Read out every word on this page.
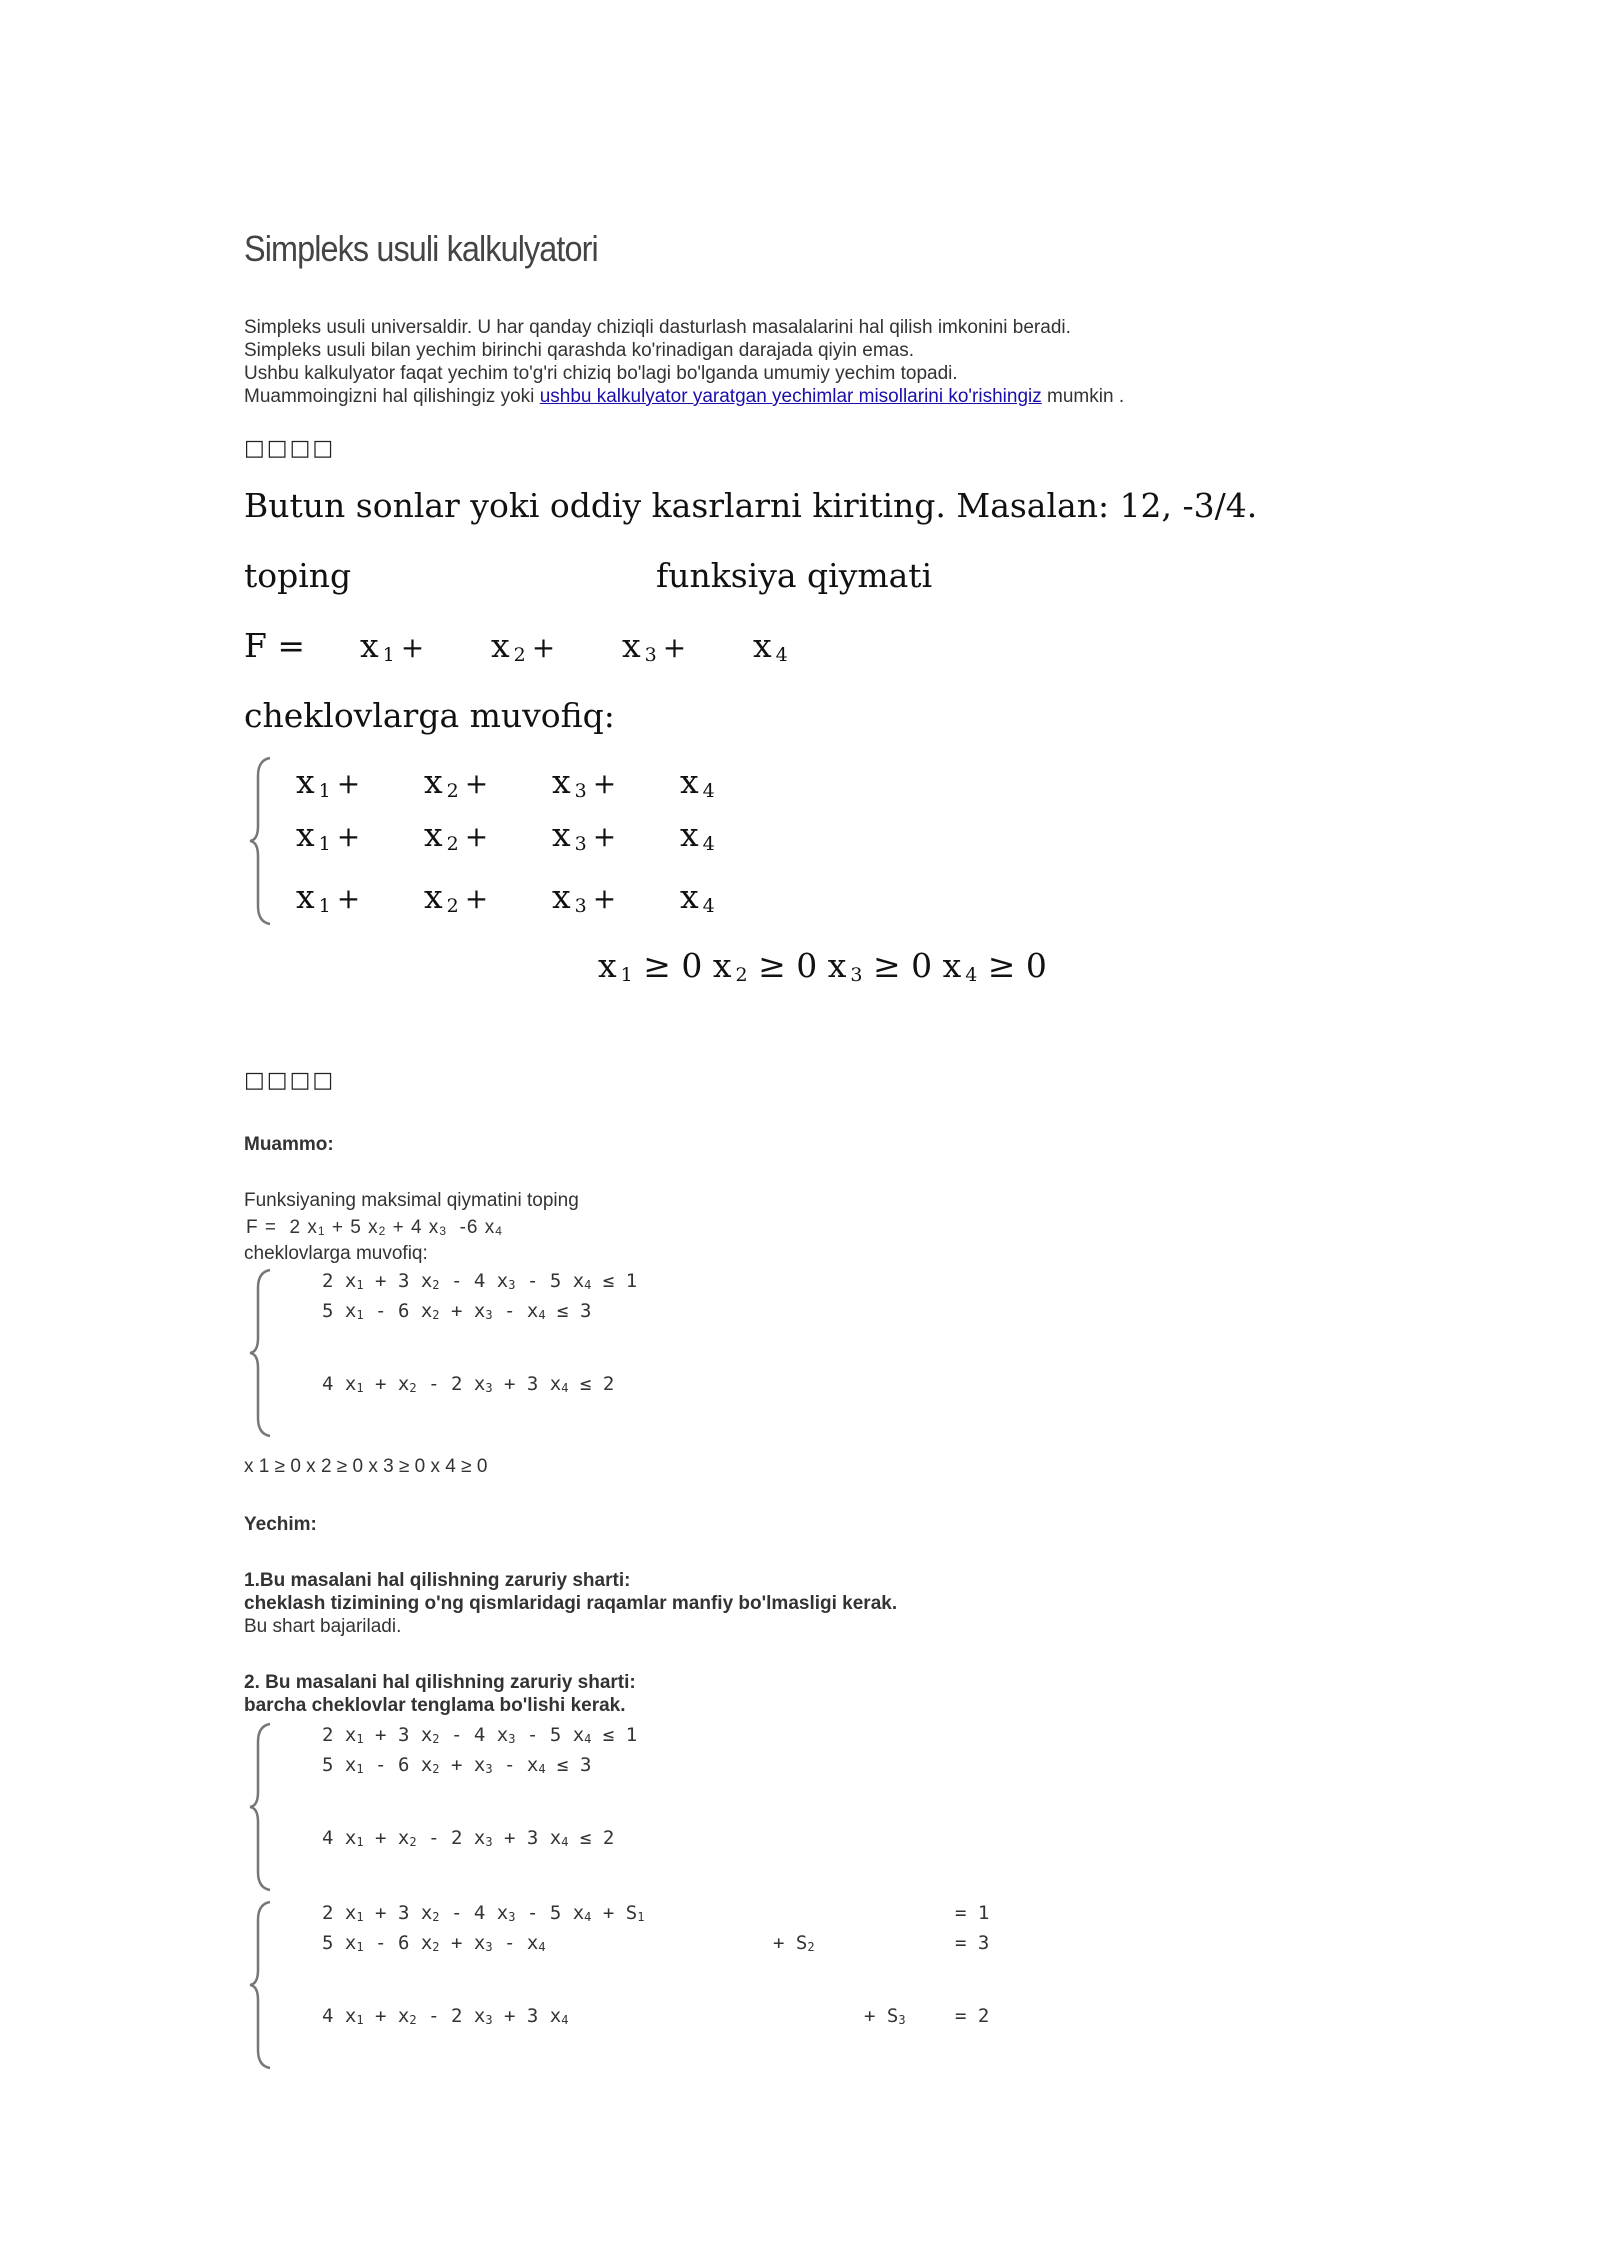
Simpleks usuli kalkulyatori
Simpleks usuli universaldir. U har qanday chiziqli dasturlash masalalarini hal qilish imkonini beradi.
Simpleks usuli bilan yechim birinchi qarashda ko'rinadigan darajada qiyin emas.
Ushbu kalkulyator faqat yechim to'g'ri chiziq bo'lagi bo'lganda umumiy yechim topadi.
Muammoingizni hal qilishingiz yoki ushbu kalkulyator yaratgan yechimlar misollarini ko'rishingiz mumkin .
□□□□
Butun sonlar yoki oddiy kasrlarni kiriting. Masalan: 12, -3/4.
toping	funksiya qiymati
F = x 1 + x 2 + x 3 + x 4
cheklovlarga muvofiq:
x 1 + x 2 + x 3 + x 4
x 1 + x 2 + x 3 + x 4
x 1 + x 2 + x 3 + x 4
x $_1$ ≥ 0 x $_2$ ≥ 0 x $_3$ ≥ 0 x $_4$ ≥ 0
□□□□
Muammo:
Funksiyaning maksimal qiymatini toping
F =  2 x1 + 5 x2 + 4 x3 -6 x4
cheklovlarga muvofiq:
2 x1 + 3 x2 - 4 x3 - 5 x4 ≤ 1
5 x1 - 6 x2 + x3 - x4 ≤ 3
4 x1 + x2 - 2 x3 + 3 x4 ≤ 2
x 1 ≥ 0 x 2 ≥ 0 x 3 ≥ 0 x 4 ≥ 0
Yechim:
1.Bu masalani hal qilishning zaruriy sharti:
cheklash tizimining o'ng qismlaridagi raqamlar manfiy bo'lmasligi kerak.
Bu shart bajariladi.
2. Bu masalani hal qilishning zaruriy sharti:
barcha cheklovlar tenglama bo'lishi kerak.
2 x1 + 3 x2 - 4 x3 - 5 x4 ≤ 1
5 x1 - 6 x2 + x3 - x4 ≤ 3
4 x1 + x2 - 2 x3 + 3 x4 ≤ 2
2 x1 + 3 x2 - 4 x3 - 5 x4 + S1	= 1
5 x1 - 6 x2 + x3 - x4	+ S2	= 3
4 x1 + x2 - 2 x3 + 3 x4	+ S3	= 2
